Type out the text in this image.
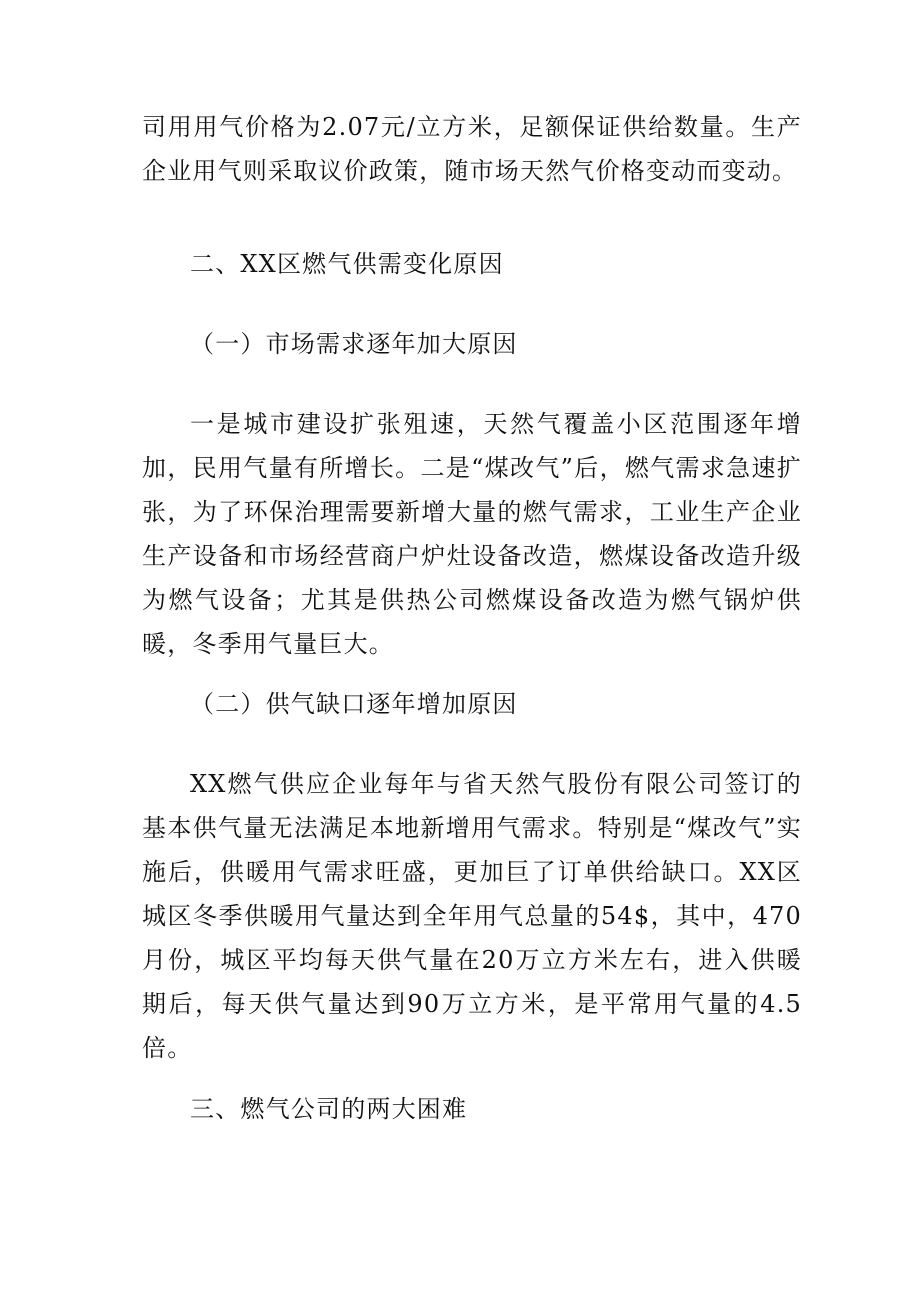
司用用气价格为2.07元/立方米，足额保证供给数量。生产企业用气则采取议价政策，随市场天然气价格变动而变动。

二、XX区燃气供需变化原因

（一）市场需求逐年加大原因

一是城市建设扩张殂速，天然气覆盖小区范围逐年增加，民用气量有所增长。二是“煤改气”后，燃气需求急速扩张，为了环保治理需要新增大量的燃气需求，工业生产企业生产设备和市场经营商户炉灶设备改造，燃煤设备改造升级为燃气设备；尤其是供热公司燃煤设备改造为燃气锅炉供暖，冬季用气量巨大。

（二）供气缺口逐年增加原因

XX燃气供应企业每年与省天然气股份有限公司签订的基本供气量无法满足本地新增用气需求。特别是“煤改气”实施后，供暖用气需求旺盛，更加巨了订单供给缺口。XX区城区冬季供暖用气量达到全年用气总量的54$，其中，470月份，城区平均每天供气量在20万立方米左右，进入供暖期后，每天供气量达到90万立方米，是平常用气量的4.5倍。

三、燃气公司的两大困难
